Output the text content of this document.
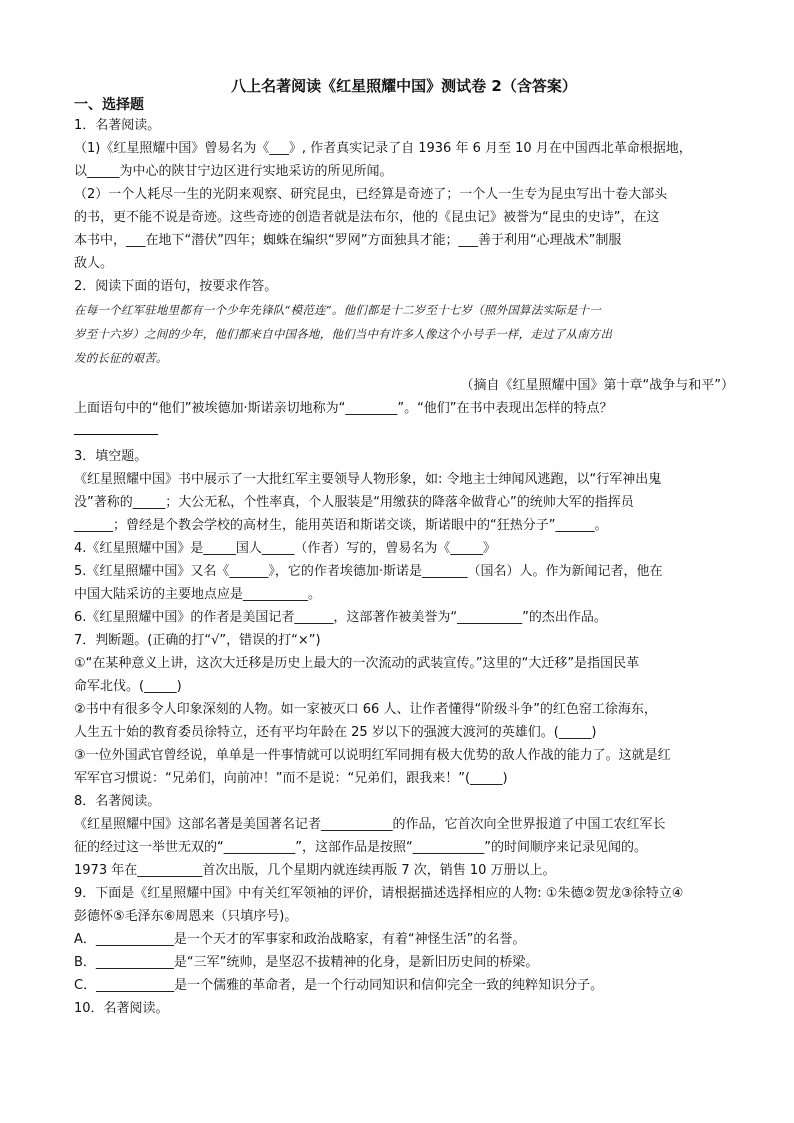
八上名著阅读《红星照耀中国》测试卷 2（含答案）
一、选择题

1．名著阅读。

（1)《红星照耀中国》曾易名为《___》, 作者真实记录了自 1936 年 6 月至 10 月在中国西北革命根据地，

以_____为中心的陕甘宁边区进行实地采访的所见所闻。

（2）一个人耗尽一生的光阴来观察、研究昆虫，已经算是奇迹了；一个人一生专为昆虫写出十卷大部头

的书，更不能不说是奇迹。这些奇迹的创造者就是法布尔，他的《昆虫记》被誉为“昆虫的史诗”，在这

本书中，___在地下“潜伏”四年；蜘蛛在编织“罗网”方面独具才能；___善于利用“心理战术”制服

敌人。

2．阅读下面的语句，按要求作答。

在每一个红军驻地里都有一个少年先锋队“模范连”。他们都是十二岁至十七岁（照外国算法实际是十一

岁至十六岁）之间的少年，他们都来自中国各地，他们当中有许多人像这个小号手一样，走过了从南方出

发的长征的艰苦。

（摘自《红星照耀中国》第十章“战争与和平”）

上面语句中的“他们”被埃德加·斯诺亲切地称为“________”。“他们”在书中表现出怎样的特点？

3．填空题。

《红星照耀中国》书中展示了一大批红军主要领导人物形象，如: 令地主士绅闻风逃跑，以“行军神出鬼

没”著称的_____；大公无私，个性率真，个人服装是“用缴获的降落伞做背心”的统帅大军的指挥员

______；曾经是个教会学校的高材生，能用英语和斯诺交谈，斯诺眼中的“狂热分子”______。

4.《红星照耀中国》是_____国人_____（作者）写的，曾易名为《_____》

5.《红星照耀中国》又名《______》，它的作者埃德加·斯诺是_______（国名）人。作为新闻记者，他在

中国大陆采访的主要地点应是__________。

6.《红星照耀中国》的作者是美国记者______，这部著作被美誉为“__________”的杰出作品。

7．判断题。(正确的打“√”，错误的打“×”)

①“在某种意义上讲，这次大迁移是历史上最大的一次流动的武装宣传。”这里的“大迁移”是指国民革

命军北伐。(_____)

②书中有很多令人印象深刻的人物。如一家被灭口 66 人、让作者懂得“阶级斗争”的红色窑工徐海东，

人生五十始的教育委员徐特立，还有平均年龄在 25 岁以下的强渡大渡河的英雄们。(_____)

③一位外国武官曾经说，单单是一件事情就可以说明红军同拥有极大优势的敌人作战的能力了。这就是红

军军官习惯说：“兄弟们，向前冲！”而不是说：“兄弟们，跟我来！”(_____)

8．名著阅读。

《红星照耀中国》这部名著是美国著名记者___________的作品，它首次向全世界报道了中国工农红军长

征的经过这一举世无双的“___________”，这部作品是按照“___________”的时间顺序来记录见闻的。

1973 年在__________首次出版，几个星期内就连续再版 7 次，销售 10 万册以上。

9．下面是《红星照耀中国》中有关红军领袖的评价，请根据描述选择相应的人物: ①朱德②贺龙③徐特立④

彭德怀⑤毛泽东⑥周恩来（只填序号)。

A．____________是一个天才的军事家和政治战略家，有着“神怪生活”的名誉。

B．____________是“三军”统帅，是坚忍不拔精神的化身，是新旧历史间的桥梁。

C．____________是一个儒雅的革命者，是一个行动同知识和信仰完全一致的纯粹知识分子。

10．名著阅读。
